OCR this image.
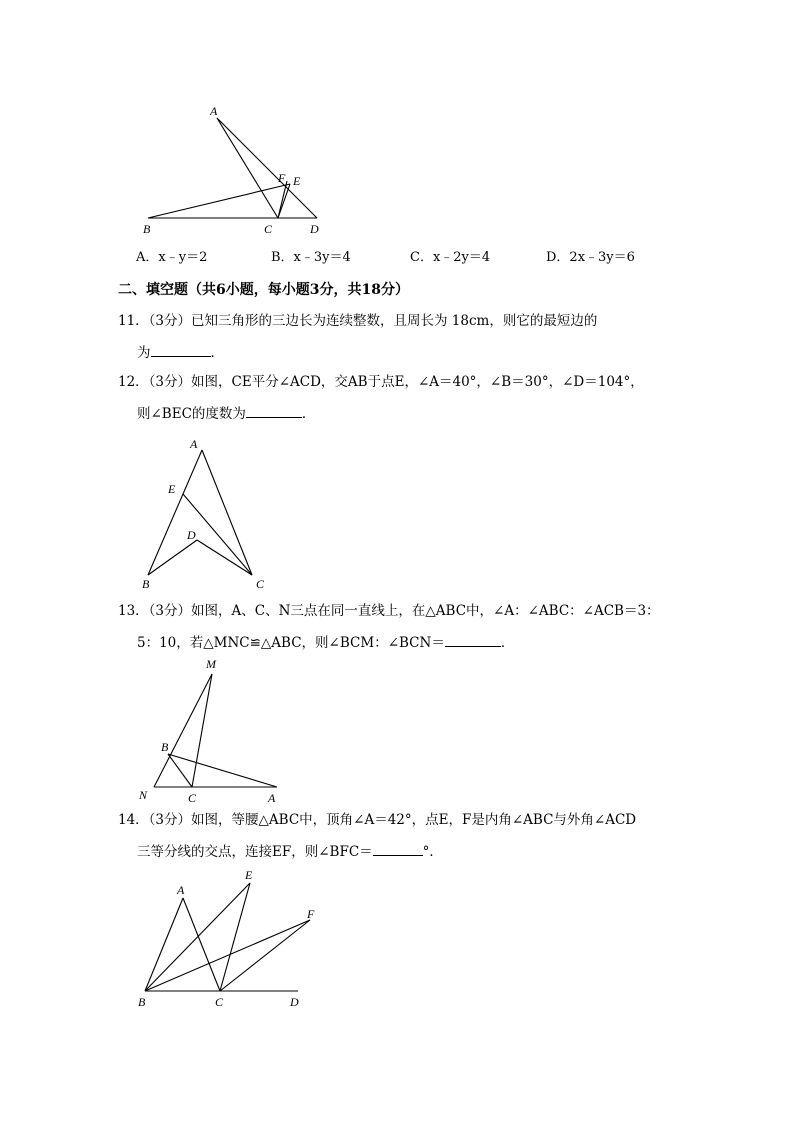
A
F E
B	C	D
A．x﹣y＝2	B．x﹣3y＝4	C．x﹣2y＝4	D．2x﹣3y＝6
二、填空题（共6小题，每小题3分，共18分）
11．（3分）已知三角形的三边长为连续整数，且周长为 18cm，则它的最短边的
为	．
12．（3分）如图，CE平分∠ACD，交AB于点E，∠A＝40°，∠B＝30°，∠D＝104°，
则∠BEC的度数为	．
A
E
D
B	C
13．（3分）如图，A、C、N三点在同一直线上，在△ABC中，∠A：∠ABC：∠ACB＝3：
5：10，若△MNC≌△ABC，则∠BCM：∠BCN＝	．
M
B
N	C	A
14．（3分）如图，等腰△ABC中，顶角∠A＝42°，点E，F是内角∠ABC与外角∠ACD
三等分线的交点，连接EF，则∠BFC＝	°．
A
E
F
B	C	D
